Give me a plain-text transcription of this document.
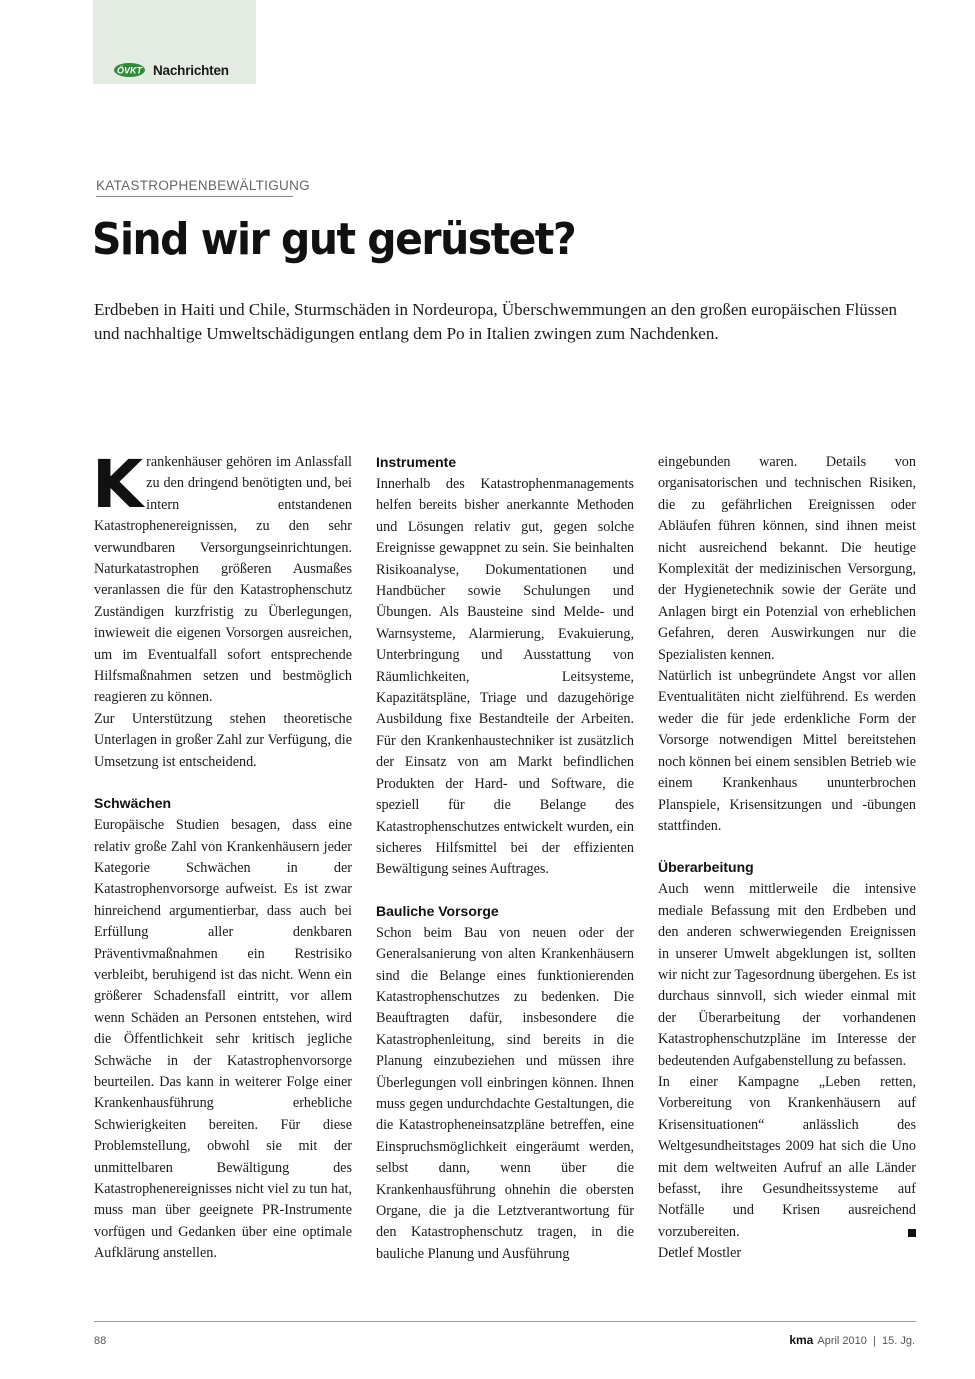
ÖVKT Nachrichten
KATASTROPHENBEWÄLTIGUNG
Sind wir gut gerüstet?

Erdbeben in Haiti und Chile, Sturmschäden in Nordeuropa, Überschwemmungen an den großen europäischen Flüssen und nachhaltige Umweltschädigungen entlang dem Po in Italien zwingen zum Nachdenken.

Krankenhäuser gehören im Anlassfall zu den dringend benötigten und, bei intern entstandenen Katastrophenereignissen, zu den sehr verwundbaren Versorgungseinrichtungen. Naturkatastrophen größeren Ausmaßes veranlassen die für den Katastrophenschutz Zuständigen kurzfristig zu Überlegungen, inwieweit die eigenen Vorsorgen ausreichen, um im Eventualfall sofort entsprechende Hilfsmaßnahmen setzen und bestmöglich reagieren zu können.

Zur Unterstützung stehen theoretische Unterlagen in großer Zahl zur Verfügung, die Umsetzung ist entscheidend.

Schwächen

Europäische Studien besagen, dass eine relativ große Zahl von Krankenhäusern jeder Kategorie Schwächen in der Katastrophenvorsorge aufweist. Es ist zwar hinreichend argumentierbar, dass auch bei Erfüllung aller denkbaren Präventivmaßnahmen ein Restrisiko verbleibt, beruhigend ist das nicht. Wenn ein größerer Schadensfall eintritt, vor allem wenn Schäden an Personen entstehen, wird die Öffentlichkeit sehr kritisch jegliche Schwäche in der Katastrophenvorsorge beurteilen. Das kann in weiterer Folge einer Krankenhausführung erhebliche Schwierigkeiten bereiten. Für diese Problemstellung, obwohl sie mit der unmittelbaren Bewältigung des Katastrophenereignisses nicht viel zu tun hat, muss man über geeignete PR-Instrumente vorfügen und Gedanken über eine optimale Aufklärung anstellen.

Instrumente

Innerhalb des Katastrophenmanagements helfen bereits bisher anerkannte Methoden und Lösungen relativ gut, gegen solche Ereignisse gewappnet zu sein. Sie beinhalten Risikoanalyse, Dokumentationen und Handbücher sowie Schulungen und Übungen. Als Bausteine sind Melde- und Warnsysteme, Alarmierung, Evakuierung, Unterbringung und Ausstattung von Räumlichkeiten, Leitsysteme, Kapazitätspläne, Triage und dazugehörige Ausbildung fixe Bestandteile der Arbeiten. Für den Krankenhaustechniker ist zusätzlich der Einsatz von am Markt befindlichen Produkten der Hard- und Software, die speziell für die Belange des Katastrophenschutzes entwickelt wurden, ein sicheres Hilfsmittel bei der effizienten Bewältigung seines Auftrages.

Bauliche Vorsorge

Schon beim Bau von neuen oder der Generalsanierung von alten Krankenhäusern sind die Belange eines funktionierenden Katastrophenschutzes zu bedenken. Die Beauftragten dafür, insbesondere die Katastrophenleitung, sind bereits in die Planung einzubeziehen und müssen ihre Überlegungen voll einbringen können. Ihnen muss gegen undurchdachte Gestaltungen, die die Katastropheneinsatzpläne betreffen, eine Einspruchsmöglichkeit eingeräumt werden, selbst dann, wenn über die Krankenhausführung ohnehin die obersten Organe, die ja die Letztverantwortung für den Katastrophenschutz tragen, in die bauliche Planung und Ausführung

eingebunden waren. Details von organisatorischen und technischen Risiken, die zu gefährlichen Ereignissen oder Abläufen führen können, sind ihnen meist nicht ausreichend bekannt. Die heutige Komplexität der medizinischen Versorgung, der Hygienetechnik sowie der Geräte und Anlagen birgt ein Potenzial von erheblichen Gefahren, deren Auswirkungen nur die Spezialisten kennen.

Natürlich ist unbegründete Angst vor allen Eventualitäten nicht zielführend. Es werden weder die für jede erdenkliche Form der Vorsorge notwendigen Mittel bereitstehen noch können bei einem sensiblen Betrieb wie einem Krankenhaus ununterbrochen Planspiele, Krisensitzungen und -übungen stattfinden.

Überarbeitung

Auch wenn mittlerweile die intensive mediale Befassung mit den Erdbeben und den anderen schwerwiegenden Ereignissen in unserer Umwelt abgeklungen ist, sollten wir nicht zur Tagesordnung übergehen. Es ist durchaus sinnvoll, sich wieder einmal mit der Überarbeitung der vorhandenen Katastrophenschutzpläne im Interesse der bedeutenden Aufgabenstellung zu befassen.

In einer Kampagne „Leben retten, Vorbereitung von Krankenhäusern auf Krisensituationen“ anlässlich des Weltgesundheitstages 2009 hat sich die Uno mit dem weltweiten Aufruf an alle Länder befasst, ihre Gesundheitssysteme auf Notfälle und Krisen ausreichend vorzubereiten.

Detlef Mostler

88	kma April 2010  |  15. Jg.
